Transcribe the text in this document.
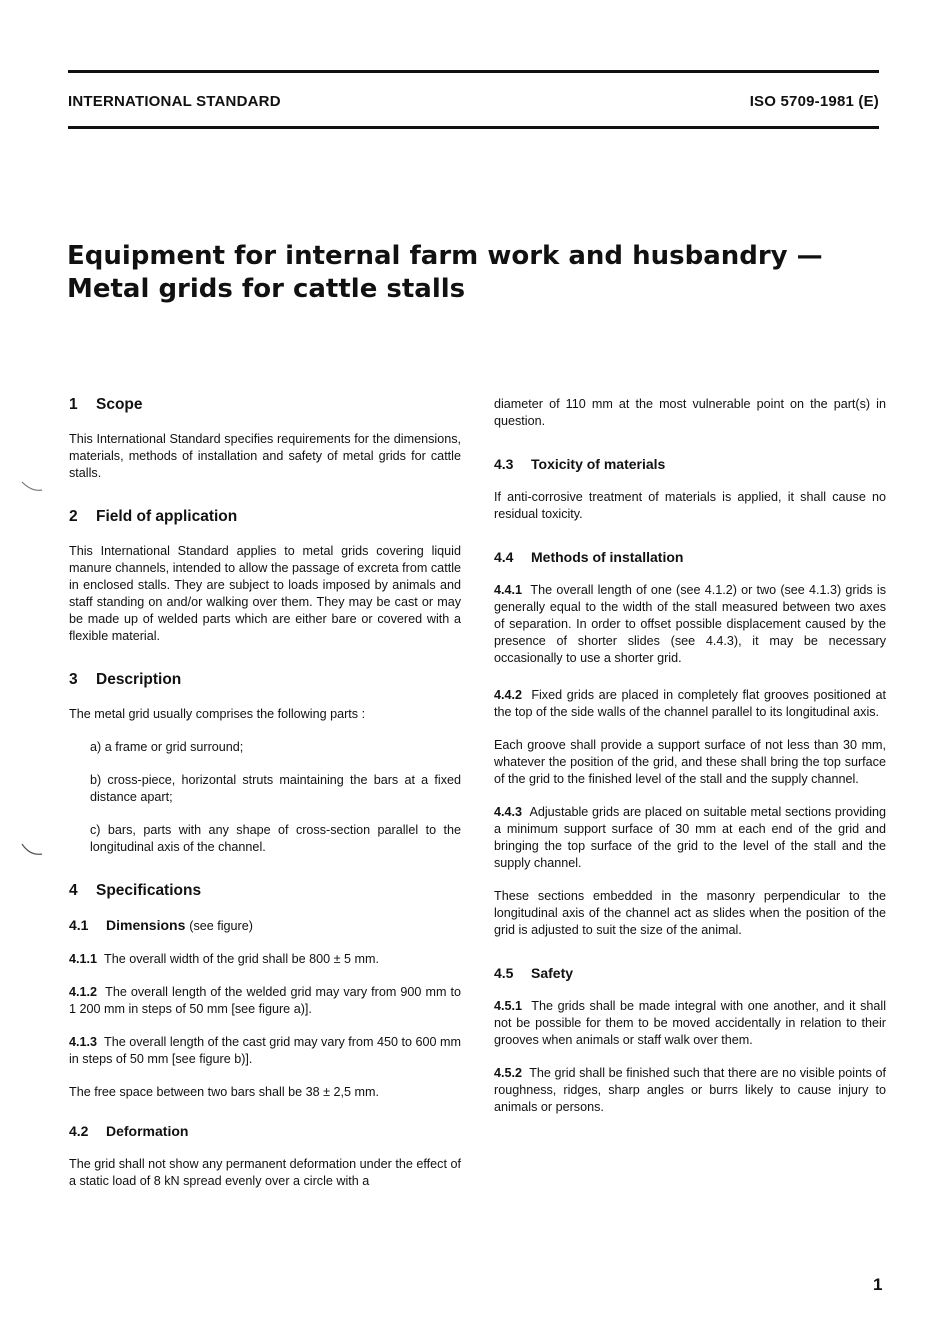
INTERNATIONAL STANDARD	ISO 5709-1981 (E)
Equipment for internal farm work and husbandry — Metal grids for cattle stalls
1 Scope

This International Standard specifies requirements for the dimensions, materials, methods of installation and safety of metal grids for cattle stalls.

2 Field of application

This International Standard applies to metal grids covering liquid manure channels, intended to allow the passage of excreta from cattle in enclosed stalls. They are subject to loads imposed by animals and staff standing on and/or walking over them. They may be cast or may be made up of welded parts which are either bare or covered with a flexible material.

3 Description

The metal grid usually comprises the following parts :

a) a frame or grid surround;

b) cross-piece, horizontal struts maintaining the bars at a fixed distance apart;

c) bars, parts with any shape of cross-section parallel to the longitudinal axis of the channel.

4 Specifications
4.1 Dimensions (see figure)

4.1.1 The overall width of the grid shall be 800 ± 5 mm.

4.1.2 The overall length of the welded grid may vary from 900 mm to 1 200 mm in steps of 50 mm [see figure a)].

4.1.3 The overall length of the cast grid may vary from 450 to 600 mm in steps of 50 mm [see figure b)].

The free space between two bars shall be 38 ± 2,5 mm.

4.2 Deformation

The grid shall not show any permanent deformation under the effect of a static load of 8 kN spread evenly over a circle with a

diameter of 110 mm at the most vulnerable point on the part(s) in question.

4.3 Toxicity of materials

If anti-corrosive treatment of materials is applied, it shall cause no residual toxicity.

4.4 Methods of installation

4.4.1 The overall length of one (see 4.1.2) or two (see 4.1.3) grids is generally equal to the width of the stall measured between two axes of separation. In order to offset possible displacement caused by the presence of shorter slides (see 4.4.3), it may be necessary occasionally to use a shorter grid.

4.4.2 Fixed grids are placed in completely flat grooves positioned at the top of the side walls of the channel parallel to its longitudinal axis.

Each groove shall provide a support surface of not less than 30 mm, whatever the position of the grid, and these shall bring the top surface of the grid to the finished level of the stall and the supply channel.

4.4.3 Adjustable grids are placed on suitable metal sections providing a minimum support surface of 30 mm at each end of the grid and bringing the top surface of the grid to the level of the stall and the supply channel.

These sections embedded in the masonry perpendicular to the longitudinal axis of the channel act as slides when the position of the grid is adjusted to suit the size of the animal.

4.5 Safety

4.5.1 The grids shall be made integral with one another, and it shall not be possible for them to be moved accidentally in relation to their grooves when animals or staff walk over them.

4.5.2 The grid shall be finished such that there are no visible points of roughness, ridges, sharp angles or burrs likely to cause injury to animals or persons.

1
